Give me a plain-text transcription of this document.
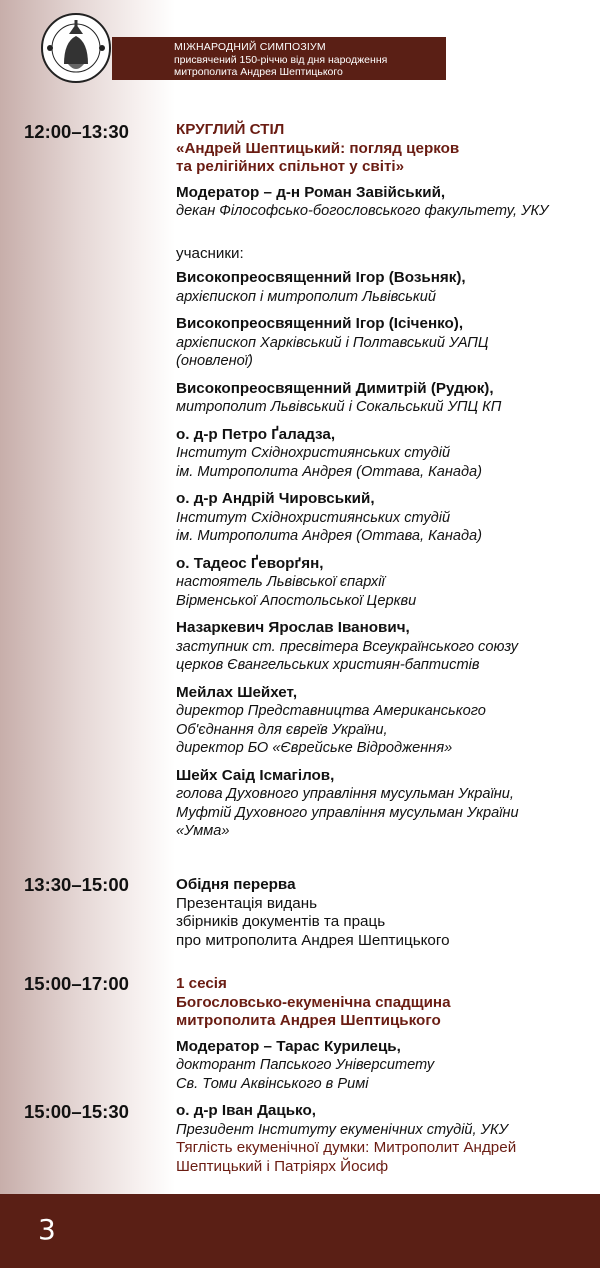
МІЖНАРОДНИЙ СИМПОЗІУМ
присвячений 150-річчю від дня народження
митрополита Андрея Шептицького
12:00–13:30	КРУГЛИЙ СТІЛ
«Андрей Шептицький: погляд церков
та релігійних спільнот у світі»
Модератор – д-н Роман Завійський,
декан Філософсько-богословського факультету, УКУ
учасники:
Високопреосвященний Ігор (Возьняк),
архієпископ і митрополит Львівський
Високопреосвященний Ігор (Ісіченко),
архієпископ Харківський і Полтавський УАПЦ
(оновленої)
Високопреосвященний Димитрій (Рудюк),
митрополит Львівський і Сокальський УПЦ КП
о. д-р Петро Ґаладза,
Інститут Східнохристиянських студій
ім. Митрополита Андрея (Оттава, Канада)
о. д-р Андрій Чировський,
Інститут Східнохристиянських студій
ім. Митрополита Андрея (Оттава, Канада)
о. Тадеос Ґеворґян,
настоятель Львівської єпархії
Вірменської Апостольської Церкви
Назаркевич Ярослав Іванович,
заступник ст. пресвітера Всеукраїнського союзу
церков Євангельських християн-баптистів
Мейлах Шейхет,
директор Представництва Американського
Об'єднання для євреїв України,
директор БО «Єврейське Відродження»
Шейх Саід Ісмагілов,
голова Духовного управління мусульман України,
Муфтій Духовного управління мусульман України
«Умма»
13:30–15:00	Обідня перерва
Презентація видань
збірників документів та праць
про митрополита Андрея Шептицького
15:00–17:00	1 сесія
Богословсько-екуменічна спадщина
митрополита Андрея Шептицького
Модератор – Тарас Курилець,
докторант Папського Університету
Св. Томи Аквінського в Римі
15:00–15:30	о. д-р Іван Дацько,
Президент Інституту екуменічних студій, УКУ
Тяглість екуменічної думки: Митрополит Андрей
Шептицький і Патріярх Йосиф
3
